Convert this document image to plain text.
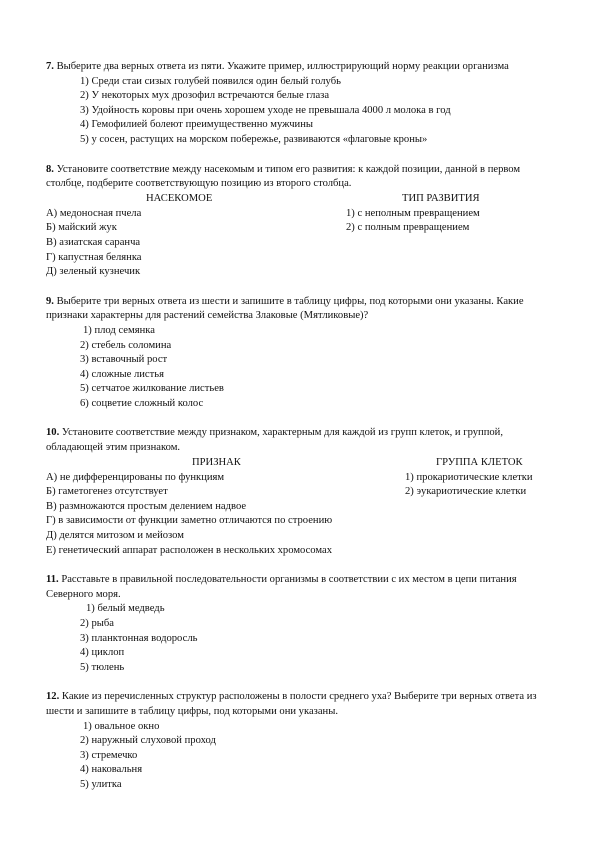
7. Выберите два верных ответа из пяти. Укажите пример, иллюстрирующий норму реакции организма

1) Среди стаи сизых голубей появился один белый голубь
2) У некоторых мух дрозофил встречаются белые глаза
3) Удойность коровы при очень хорошем уходе не превышала 4000 л молока в год
4) Гемофилией болеют преимущественно мужчины
5) у сосен, растущих на морском побережье, развиваются «флаговые кроны»

8. Установите соответствие между насекомым и типом его развития: к каждой позиции, данной в первом столбце, подберите соответствующую позицию из второго столбца.

НАСЕКОМОЕ	ТИП РАЗВИТИЯ
А) медоносная пчела
Б) майский жук
В) азиатская саранча
Г) капустная белянка
Д) зеленый кузнечик
1) с неполным превращением
2) с полным превращением

9. Выберите три верных ответа из шести и запишите в таблицу цифры, под которыми они указаны. Какие признаки характерны для растений семейства Злаковые (Мятликовые)?

1) плод семянка
2) стебель соломина
3) вставочный рост
4) сложные листья
5) сетчатое жилкование листьев
6) соцветие сложный колос

10. Установите соответствие между признаком, характерным для каждой из групп клеток, и группой, обладающей этим признаком.

ПРИЗНАК	ГРУППА КЛЕТОК
А) не дифференцированы по функциям
Б) гаметогенез отсутствует
В) размножаются простым делением надвое
Г) в зависимости от функции заметно отличаются по строению
Д) делятся митозом и мейозом
Е) генетический аппарат расположен в нескольких хромосомах
1) прокариотические клетки
2) эукариотические клетки

11. Расставьте в правильной последовательности организмы в соответствии с их местом в цепи питания Северного моря.

1) белый медведь
2) рыба
3) планктонная водоросль
4) циклоп
5) тюлень

12. Какие из перечисленных структур расположены в полости среднего уха? Выберите три верных ответа из шести и запишите в таблицу цифры, под которыми они указаны.

1) овальное окно
2) наружный слуховой проход
3) стремечко
4) наковальня
5) улитка
